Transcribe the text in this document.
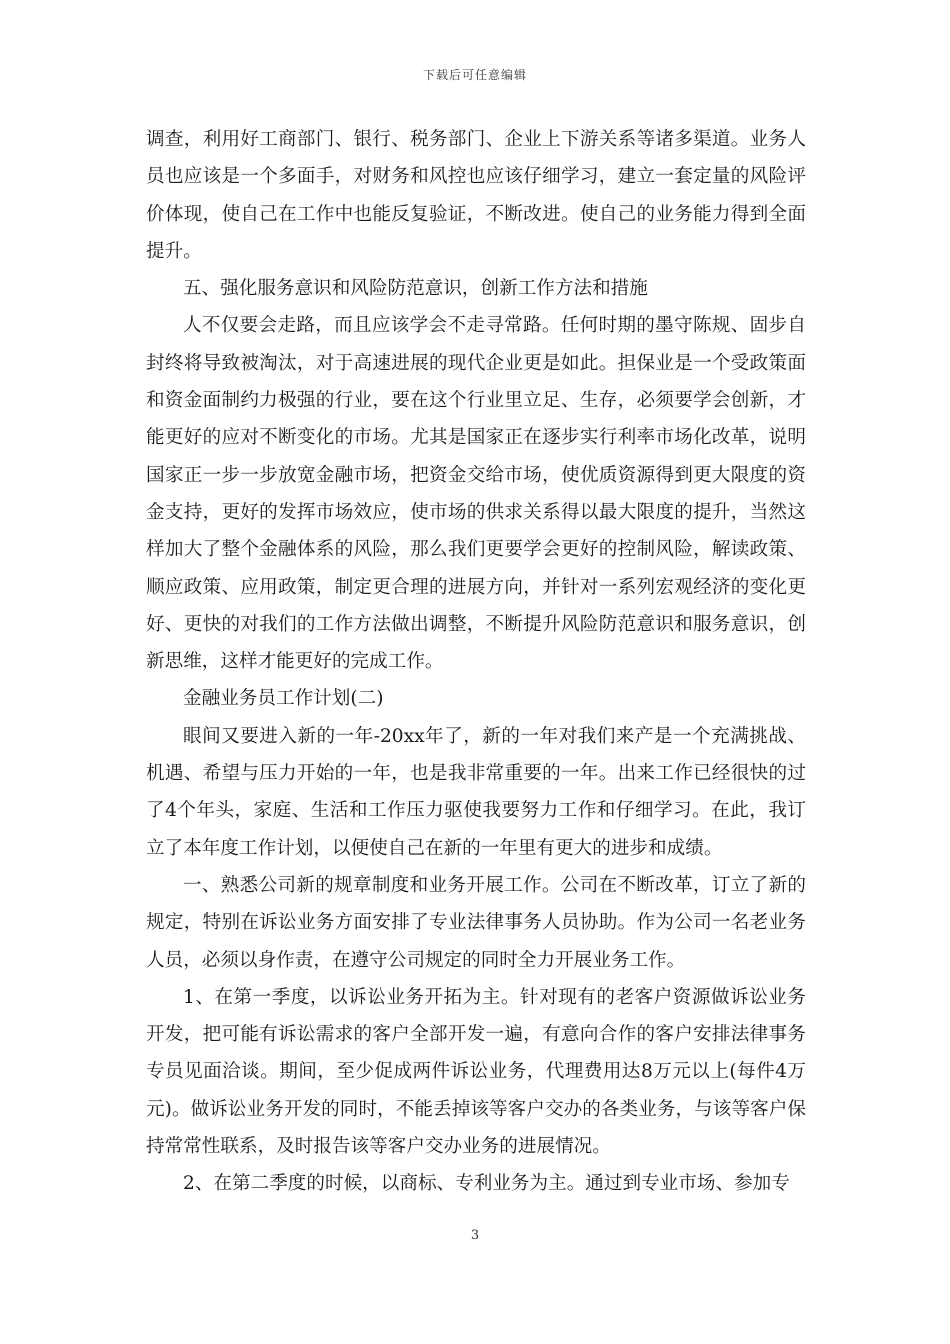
下载后可任意编辑

调查，利用好工商部门、银行、税务部门、企业上下游关系等诸多渠道。业务人员也应该是一个多面手，对财务和风控也应该仔细学习，建立一套定量的风险评价体现，使自己在工作中也能反复验证，不断改进。使自己的业务能力得到全面提升。

五、强化服务意识和风险防范意识，创新工作方法和措施

人不仅要会走路，而且应该学会不走寻常路。任何时期的墨守陈规、固步自封终将导致被淘汰，对于高速进展的现代企业更是如此。担保业是一个受政策面和资金面制约力极强的行业，要在这个行业里立足、生存，必须要学会创新，才能更好的应对不断变化的市场。尤其是国家正在逐步实行利率市场化改革，说明国家正一步一步放宽金融市场，把资金交给市场，使优质资源得到更大限度的资金支持，更好的发挥市场效应，使市场的供求关系得以最大限度的提升，当然这样加大了整个金融体系的风险，那么我们更要学会更好的控制风险，解读政策、顺应政策、应用政策，制定更合理的进展方向，并针对一系列宏观经济的变化更好、更快的对我们的工作方法做出调整，不断提升风险防范意识和服务意识，创新思维，这样才能更好的完成工作。

金融业务员工作计划(二)

眼间又要进入新的一年-20xx年了，新的一年对我们来产是一个充满挑战、机遇、希望与压力开始的一年，也是我非常重要的一年。出来工作已经很快的过了4个年头，家庭、生活和工作压力驱使我要努力工作和仔细学习。在此，我订立了本年度工作计划，以便使自己在新的一年里有更大的进步和成绩。

一、熟悉公司新的规章制度和业务开展工作。公司在不断改革，订立了新的规定，特别在诉讼业务方面安排了专业法律事务人员协助。作为公司一名老业务人员，必须以身作责，在遵守公司规定的同时全力开展业务工作。

1、在第一季度，以诉讼业务开拓为主。针对现有的老客户资源做诉讼业务开发，把可能有诉讼需求的客户全部开发一遍，有意向合作的客户安排法律事务专员见面洽谈。期间，至少促成两件诉讼业务，代理费用达8万元以上(每件4万元)。做诉讼业务开发的同时，不能丢掉该等客户交办的各类业务，与该等客户保持常常性联系，及时报告该等客户交办业务的进展情况。

2、在第二季度的时候，以商标、专利业务为主。通过到专业市场、参加专

3
